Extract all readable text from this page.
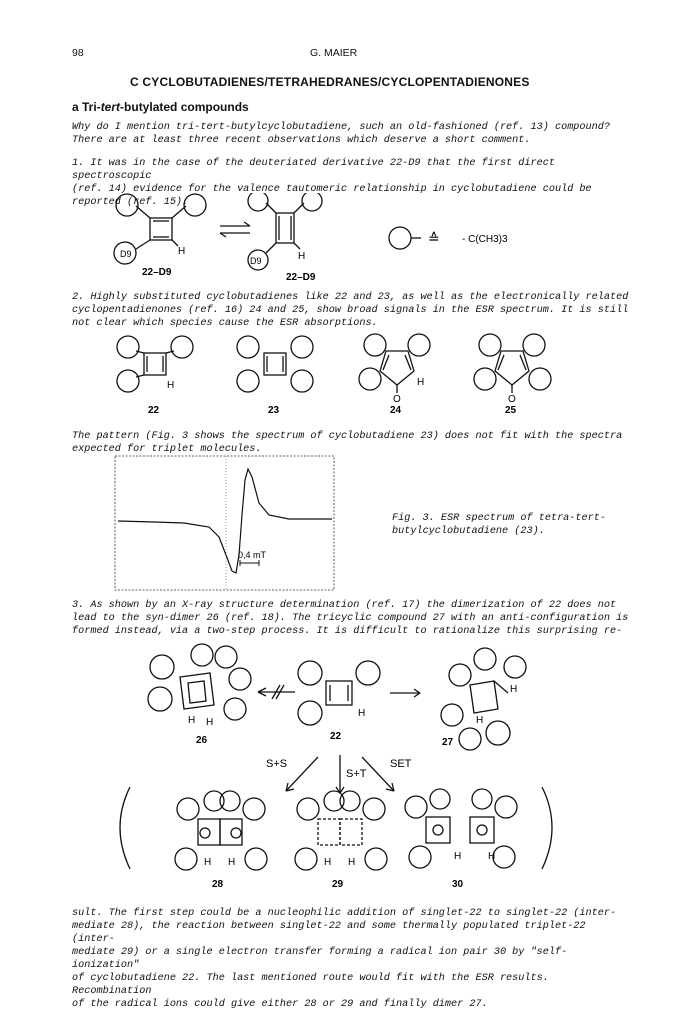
98	G. MAIER
C CYCLOBUTADIENES/TETRAHEDRANES/CYCLOPENTADIENONES
a Tri-tert-butylated compounds
Why do I mention tri-tert-butylcyclobutadiene, such an old-fashioned (ref. 13) compound?
There are at least three recent observations which deserve a short comment.
1. It was in the case of the deuteriated derivative 22-D9 that the first direct spectroscopic
(ref. 14) evidence for the valence tautomeric relationship in cyclobutadiene could be
reported (ref. 15).
D9	H
D9	H
22–D9	22–D9
≙ - C(CH3)3
2. Highly substituted cyclobutadienes like 22 and 23, as well as the electronically related
cyclopentadienones (ref. 16) 24 and 25, show broad signals in the ESR spectrum. It is still
not clear which species cause the ESR absorptions.
H	H
O	O
22	23	24	25
The pattern (Fig. 3 shows the spectrum of cyclobutadiene 23) does not fit with the spectra
expected for triplet molecules.
0,4 mT
Fig. 3. ESR spectrum of tetra-tert-
butylcyclobutadiene (23).
3. As shown by an X-ray structure determination (ref. 17) the dimerization of 22 does not
lead to the syn-dimer 26 (ref. 18). The tricyclic compound 27 with an anti-configuration is
formed instead, via a two-step process. It is difficult to rationalize this surprising re-
H H
H
H
H
26	22
27
S+S
S+T
SET
H H	H H
H	H
28	29	30
sult. The first step could be a nucleophilic addition of singlet-22 to singlet-22 (inter-
mediate 28), the reaction between singlet-22 and some thermally populated triplet-22 (inter-
mediate 29) or a single electron transfer forming a radical ion pair 30 by "self-ionization"
of cyclobutadiene 22. The last mentioned route would fit with the ESR results. Recombination
of the radical ions could give either 28 or 29 and finally dimer 27.
